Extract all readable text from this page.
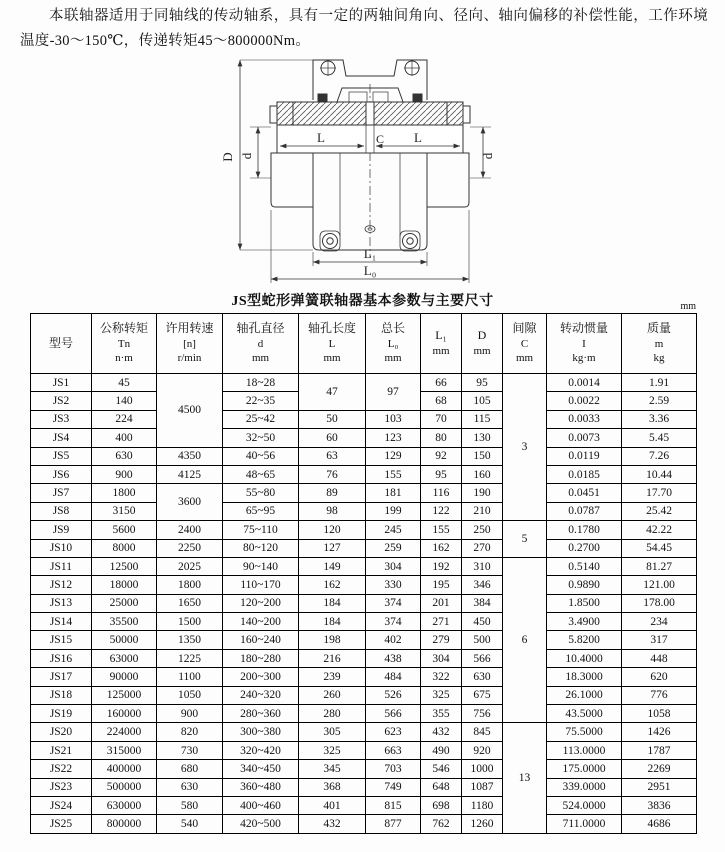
本联轴器适用于同轴线的传动轴系，具有一定的两轴间角向、径向、轴向偏移的补偿性能，工作环境温度-30～150℃，传递转矩45～800000Nm。

D d	d
L	C L
L₁
L₀
JS型蛇形弹簧联轴器基本参数与主要尺寸	mm
型号

公称转矩
Tn
n·m

许用转速
[n]
r/min

轴孔直径
d
mm

轴孔长度
L
mm

总长
L₀
mm

L₁
mm

D
mm

间隙
C
mm

转动惯量
I
kg·m

质量
m
kg

JS1	45	4500	18~28	47	97	66	95	3	0.0014	1.91
JS2	140		22~35			68	105		0.0022	2.59
JS3	224		25~42	50	103	70	115		0.0033	3.36
JS4	400		32~50	60	123	80	130		0.0073	5.45
JS5	630	4350	40~56	63	129	92	150		0.0119	7.26
JS6	900	4125	48~65	76	155	95	160		0.0185	10.44
JS7	1800	3600	55~80	89	181	116	190		0.0451	17.70
JS8	3150		65~95	98	199	122	210		0.0787	25.42
JS9	5600	2400	75~110	120	245	155	250	5	0.1780	42.22
JS10	8000	2250	80~120	127	259	162	270		0.2700	54.45
JS11	12500	2025	90~140	149	304	192	310	6	0.5140	81.27
JS12	18000	1800	110~170	162	330	195	346		0.9890	121.00
JS13	25000	1650	120~200	184	374	201	384		1.8500	178.00
JS14	35500	1500	140~200	184	374	271	450		3.4900	234
JS15	50000	1350	160~240	198	402	279	500		5.8200	317
JS16	63000	1225	180~280	216	438	304	566		10.4000	448
JS17	90000	1100	200~300	239	484	322	630		18.3000	620
JS18	125000	1050	240~320	260	526	325	675		26.1000	776
JS19	160000	900	280~360	280	566	355	756		43.5000	1058
JS20	224000	820	300~380	305	623	432	845	13	75.5000	1426
JS21	315000	730	320~420	325	663	490	920		113.0000	1787
JS22	400000	680	340~450	345	703	546	1000		175.0000	2269
JS23	500000	630	360~480	368	749	648	1087		339.0000	2951
JS24	630000	580	400~460	401	815	698	1180		524.0000	3836
JS25	800000	540	420~500	432	877	762	1260		711.0000	4686
